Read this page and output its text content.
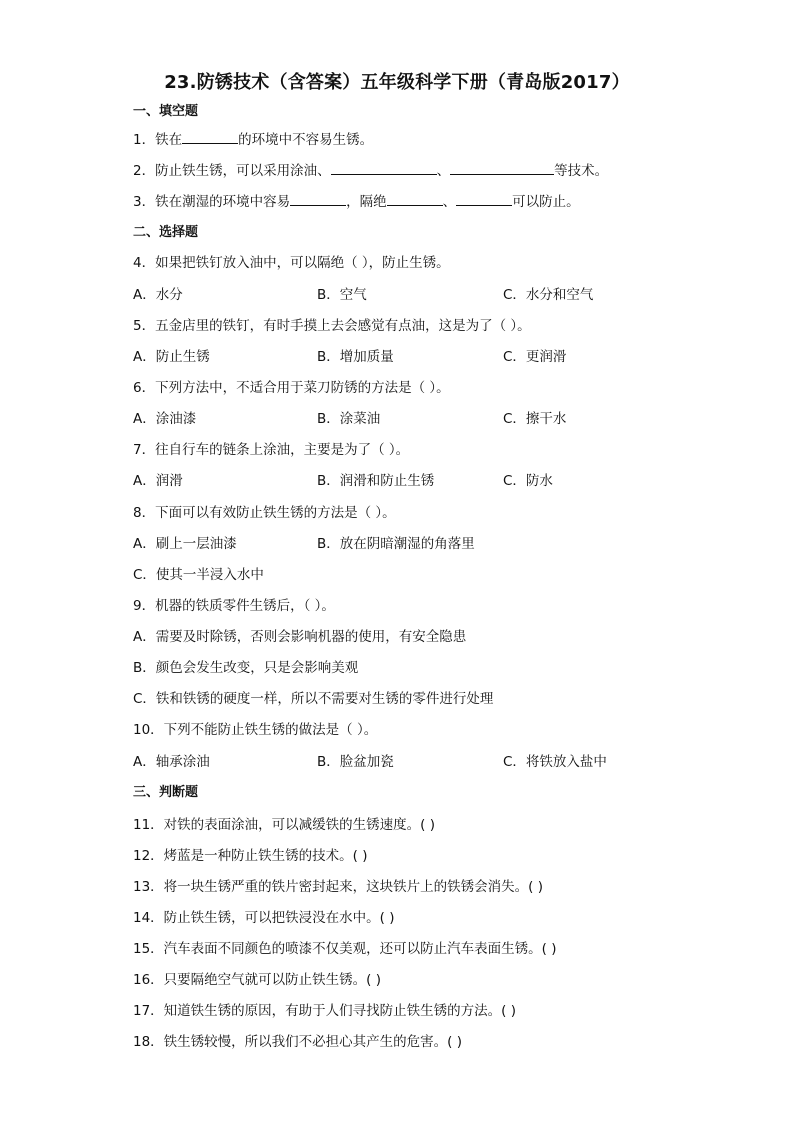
23.防锈技术（含答案）五年级科学下册（青岛版2017）
一、填空题
1．铁在	的环境中不容易生锈。
2．防止铁生锈，可以采用涂油、	、	等技术。
3．铁在潮湿的环境中容易	，隔绝	、	可以防止。
二、选择题
4．如果把铁钉放入油中，可以隔绝（ ），防止生锈。
A．水分	B．空气	C．水分和空气
5．五金店里的铁钉，有时手摸上去会感觉有点油，这是为了（ ）。
A．防止生锈	B．增加质量	C．更润滑
6．下列方法中，不适合用于菜刀防锈的方法是（ ）。
A．涂油漆	B．涂菜油	C．擦干水
7．往自行车的链条上涂油，主要是为了（ ）。
A．润滑	B．润滑和防止生锈	C．防水
8．下面可以有效防止铁生锈的方法是（ ）。
A．刷上一层油漆	B．放在阴暗潮湿的角落里
C．使其一半浸入水中
9．机器的铁质零件生锈后，（ ）。
A．需要及时除锈，否则会影响机器的使用，有安全隐患
B．颜色会发生改变，只是会影响美观
C．铁和铁锈的硬度一样，所以不需要对生锈的零件进行处理
10．下列不能防止铁生锈的做法是（ ）。
A．轴承涂油	B．脸盆加瓷	C．将铁放入盐中
三、判断题
11．对铁的表面涂油，可以减缓铁的生锈速度。( )
12．烤蓝是一种防止铁生锈的技术。( )
13．将一块生锈严重的铁片密封起来，这块铁片上的铁锈会消失。( )
14．防止铁生锈，可以把铁浸没在水中。( )
15．汽车表面不同颜色的喷漆不仅美观，还可以防止汽车表面生锈。( )
16．只要隔绝空气就可以防止铁生锈。( )
17．知道铁生锈的原因，有助于人们寻找防止铁生锈的方法。( )
18．铁生锈较慢，所以我们不必担心其产生的危害。( )
